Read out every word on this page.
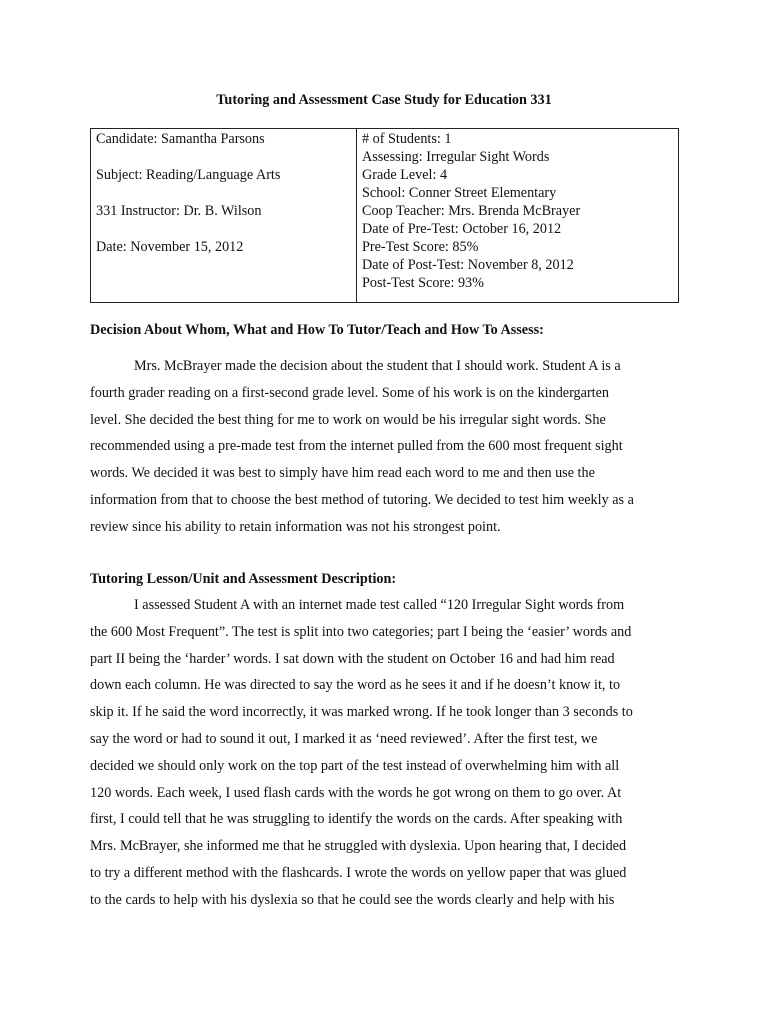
Tutoring and Assessment Case Study for Education 331
Candidate: Samantha Parsons
Subject: Reading/Language Arts
331 Instructor: Dr. B. Wilson
Date: November 15, 2012
# of Students: 1
Assessing: Irregular Sight Words
Grade Level: 4
School: Conner Street Elementary
Coop Teacher: Mrs. Brenda McBrayer
Date of Pre-Test: October 16, 2012
Pre-Test Score: 85%
Date of Post-Test: November 8, 2012
Post-Test Score: 93%
Decision About Whom, What and How To Tutor/Teach and How To Assess:
Mrs. McBrayer made the decision about the student that I should work. Student A is a
fourth grader reading on a first-second grade level. Some of his work is on the kindergarten
level. She decided the best thing for me to work on would be his irregular sight words. She
recommended using a pre-made test from the internet pulled from the 600 most frequent sight
words. We decided it was best to simply have him read each word to me and then use the
information from that to choose the best method of tutoring. We decided to test him weekly as a
review since his ability to retain information was not his strongest point.
Tutoring Lesson/Unit and Assessment Description:
I assessed Student A with an internet made test called “120 Irregular Sight words from
the 600 Most Frequent”. The test is split into two categories; part I being the ‘easier’ words and
part II being the ‘harder’ words. I sat down with the student on October 16 and had him read
down each column. He was directed to say the word as he sees it and if he doesn’t know it, to
skip it. If he said the word incorrectly, it was marked wrong. If he took longer than 3 seconds to
say the word or had to sound it out, I marked it as ‘need reviewed’. After the first test, we
decided we should only work on the top part of the test instead of overwhelming him with all
120 words. Each week, I used flash cards with the words he got wrong on them to go over. At
first, I could tell that he was struggling to identify the words on the cards. After speaking with
Mrs. McBrayer, she informed me that he struggled with dyslexia. Upon hearing that, I decided
to try a different method with the flashcards. I wrote the words on yellow paper that was glued
to the cards to help with his dyslexia so that he could see the words clearly and help with his
